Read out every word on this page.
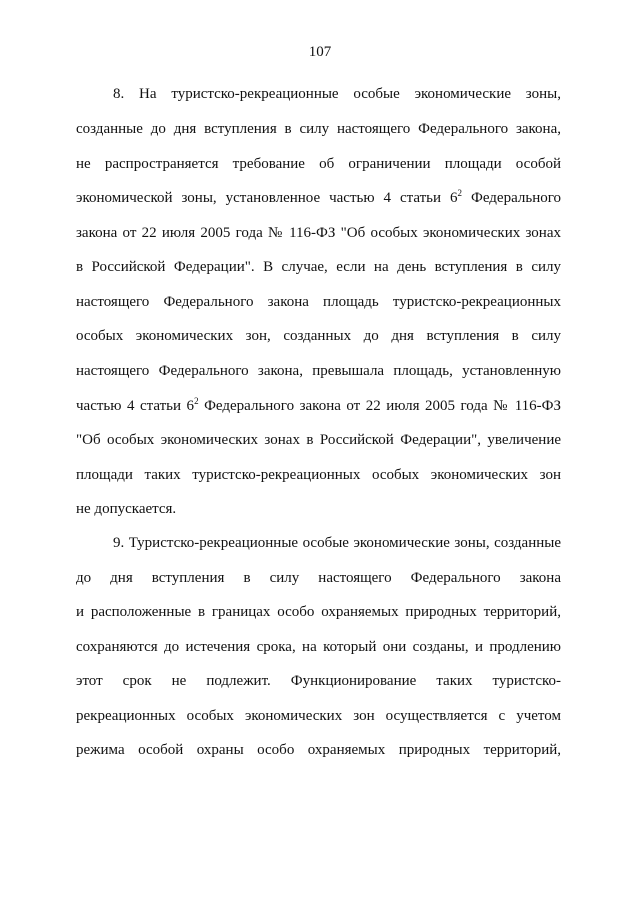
107
8. На туристско-рекреационные особые экономические зоны,
созданные до дня вступления в силу настоящего Федерального закона,
не распространяется требование об ограничении площади особой
экономической зоны, установленное частью 4 статьи $6^2$ Федерального
закона от 22 июля 2005 года № 116-ФЗ "Об особых экономических зонах
в Российской Федерации". В случае, если на день вступления в силу
настоящего Федерального закона площадь туристско-рекреационных
особых экономических зон, созданных до дня вступления в силу
настоящего Федерального закона, превышала площадь, установленную
частью 4 статьи $6^2$ Федерального закона от 22 июля 2005 года № 116-ФЗ
"Об особых экономических зонах в Российской Федерации", увеличение
площади таких туристско-рекреационных особых экономических зон
не допускается.
9. Туристско-рекреационные особые экономические зоны, созданные
до дня вступления в силу настоящего Федерального закона
и расположенные в границах особо охраняемых природных территорий,
сохраняются до истечения срока, на который они созданы, и продлению
этот срок не подлежит. Функционирование таких туристско-
рекреационных особых экономических зон осуществляется с учетом
режима особой охраны особо охраняемых природных территорий,
